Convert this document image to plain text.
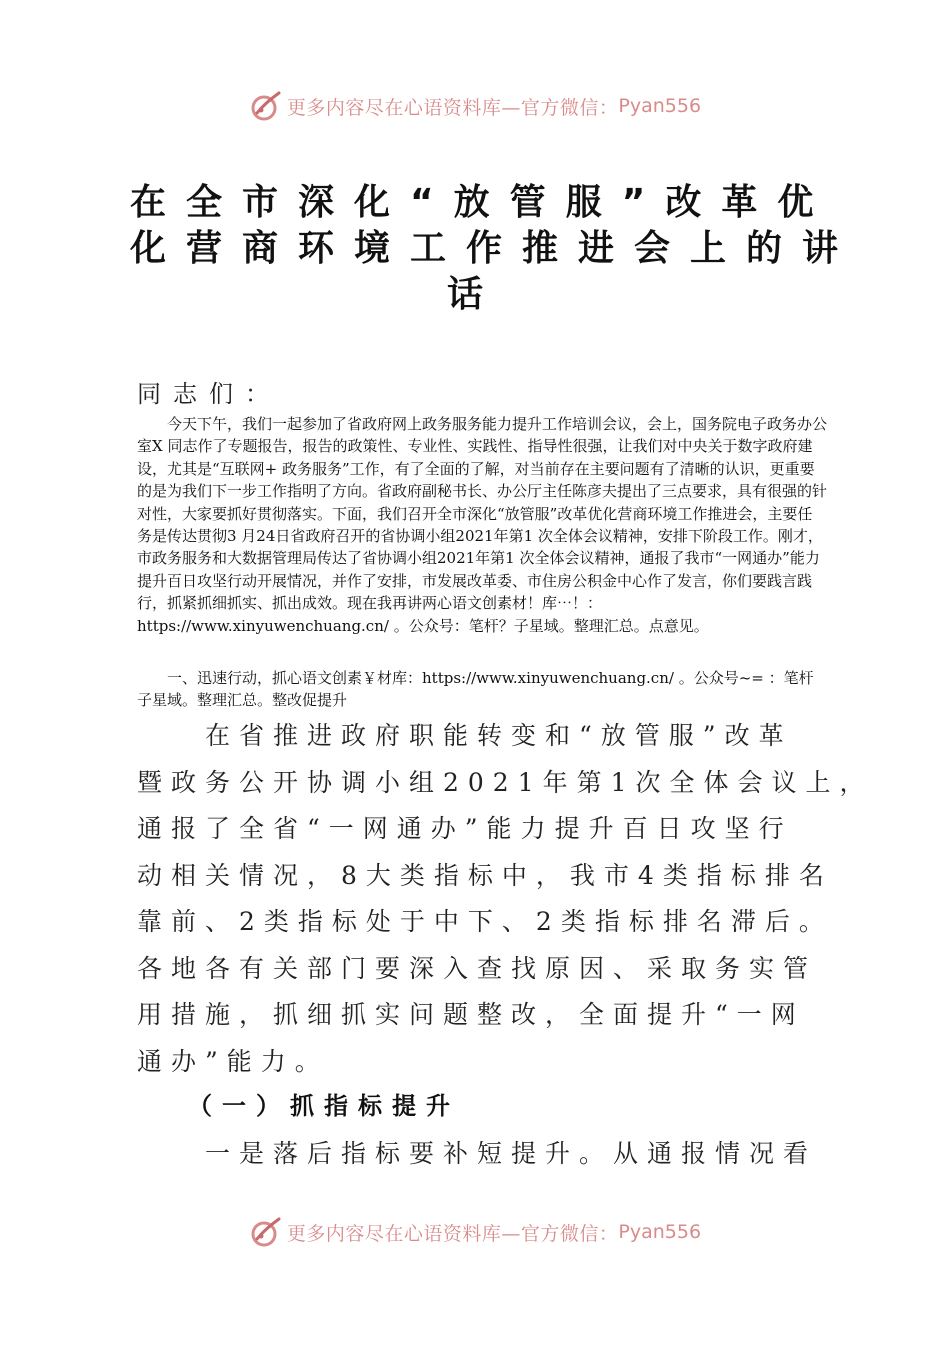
更多内容尽在心语资料库—官方微信： Pyan556
在全市深化“放管服”改革优
化营商环境工作推进会上的讲
话
同志们：

今天下午，我们一起参加了省政府网上政务服务能力提升工作培训会议，会上，国务院电子政务办公室X 同志作了专题报告，报告的政策性、专业性、实践性、指导性很强，让我们对中央关于数字政府建设，尤其是“互联网+ 政务服务”工作，有了全面的了解，对当前存在主要问题有了清晰的认识，更重要的是为我们下一步工作指明了方向。省政府副秘书长、办公厅主任陈彦夫提出了三点要求，具有很强的针对性，大家要抓好贯彻落实。下面，我们召开全市深化“放管服”改革优化营商环境工作推进会，主要任务是传达贯彻3 月24日省政府召开的省协调小组2021年第1 次全体会议精神，安排下阶段工作。刚才，市政务服务和大数据管理局传达了省协调小组2021年第1 次全体会议精神，通报了我市“一网通办”能力提升百日攻坚行动开展情况，并作了安排，市发展改革委、市住房公积金中心作了发言，你们要践言践行，抓紧抓细抓实、抓出成效。现在我再讲两心语文创素材！库⋯！：https://www.xinyuwenchuang.cn/ 。公众号：笔杆？子星域。整理汇总。点意见。

一、迅速行动，抓心语文创素￥材库：https://www.xinyuwenchuang.cn/ 。公众号~= ：笔杆子星域。整理汇总。整改促提升

　　在省推进政府职能转变和“放管服”改革
暨政务公开协调小组2021年第1次全体会议上，
通报了全省“一网通办”能力提升百日攻坚行
动相关情况，8大类指标中，我市4类指标排名
靠前、2类指标处于中下、2类指标排名滞后。
各地各有关部门要深入查找原因、采取务实管
用措施，抓细抓实问题整改，全面提升“一网
通办”能力。
（一）抓指标提升
　　一是落后指标要补短提升。从通报情况看
更多内容尽在心语资料库—官方微信： Pyan556
